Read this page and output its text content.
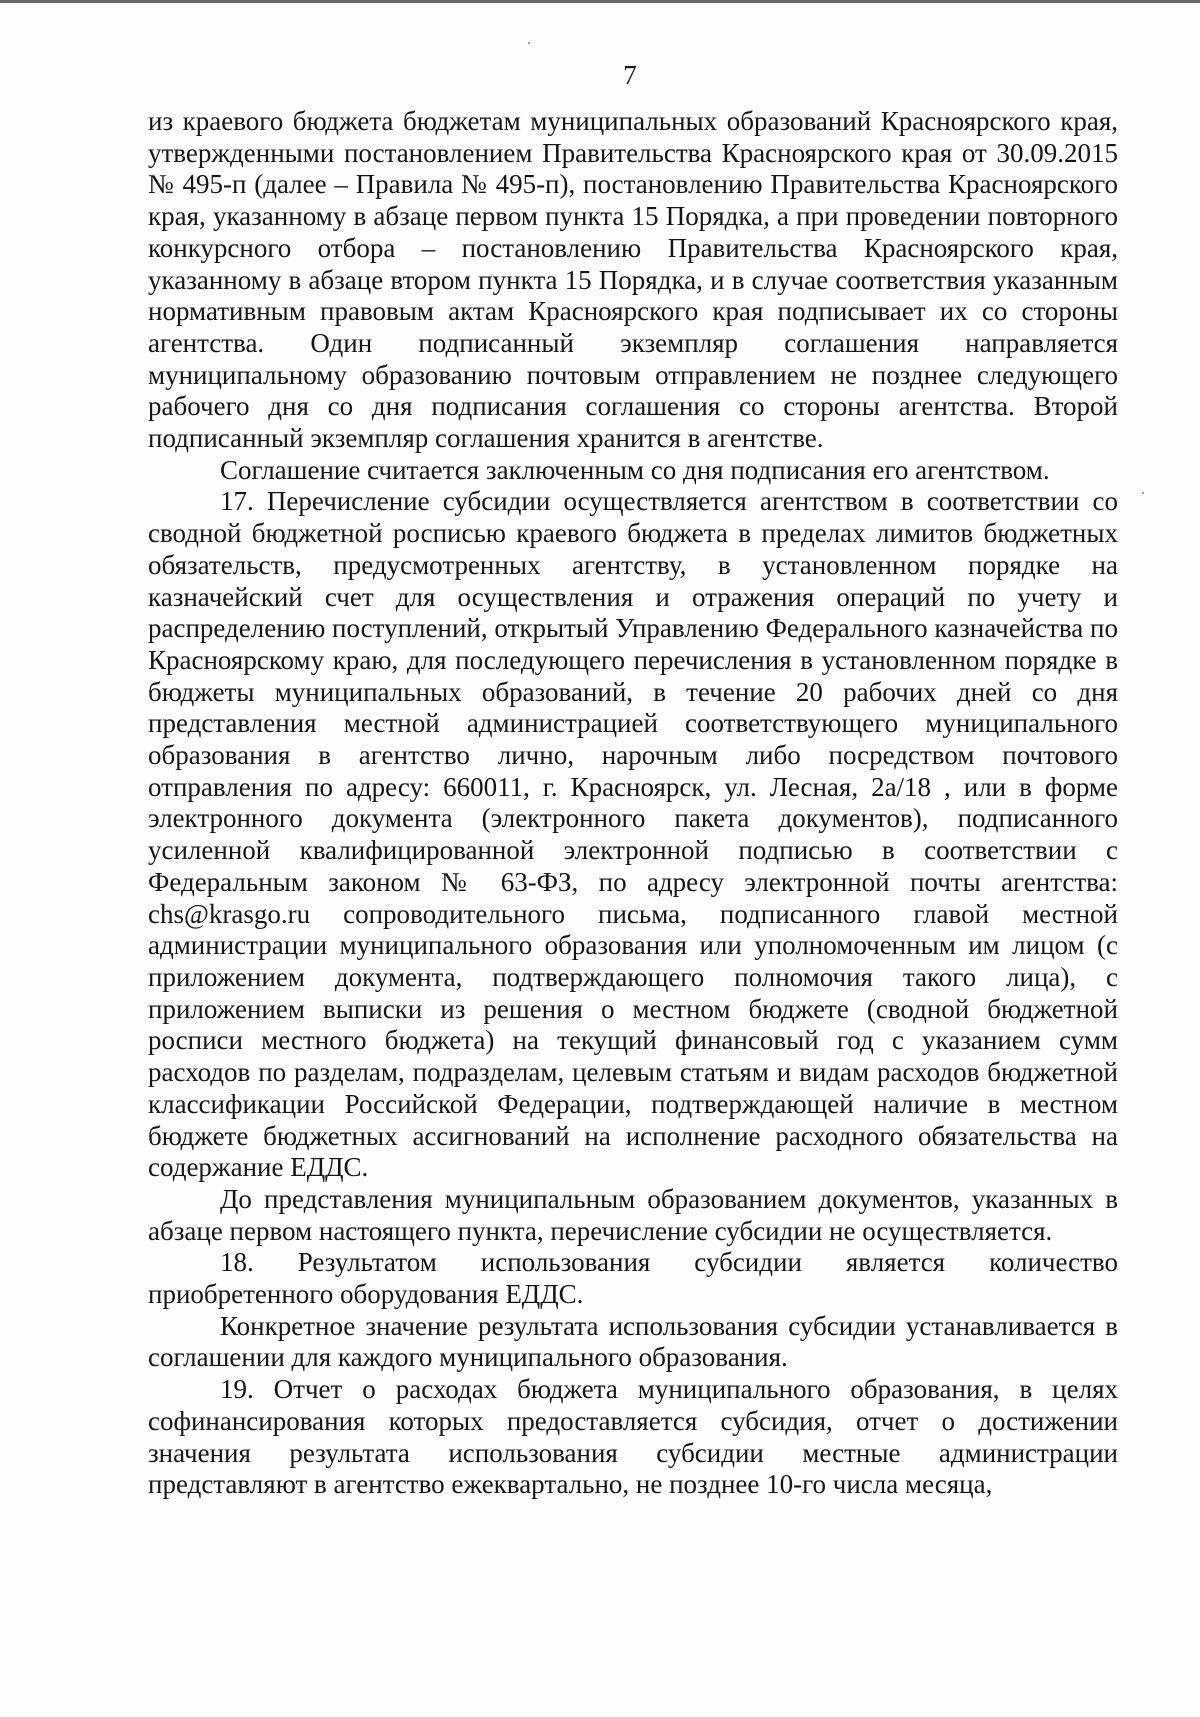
7

из краевого бюджета бюджетам муниципальных образований Красноярского края, утвержденными постановлением Правительства Красноярского края от 30.09.2015 № 495-п (далее – Правила № 495-п), постановлению Правительства Красноярского края, указанному в абзаце первом пункта 15 Порядка, а при проведении повторного конкурсного отбора – постановлению Правительства Красноярского края, указанному в абзаце втором пункта 15 Порядка, и в случае соответствия указанным нормативным правовым актам Красноярского края подписывает их со стороны агентства. Один подписанный экземпляр соглашения направляется муниципальному образованию почтовым отправлением не позднее следующего рабочего дня со дня подписания соглашения со стороны агентства. Второй подписанный экземпляр соглашения хранится в агентстве.

Соглашение считается заключенным со дня подписания его агентством.

17. Перечисление субсидии осуществляется агентством в соответствии со сводной бюджетной росписью краевого бюджета в пределах лимитов бюджетных обязательств, предусмотренных агентству, в установленном порядке на казначейский счет для осуществления и отражения операций по учету и распределению поступлений, открытый Управлению Федерального казначейства по Красноярскому краю, для последующего перечисления в установленном порядке в бюджеты муниципальных образований, в течение 20 рабочих дней со дня представления местной администрацией соответствующего муниципального образования в агентство лично, нарочным либо посредством почтового отправления по адресу: 660011, г. Красноярск, ул. Лесная, 2а/18 , или в форме электронного документа (электронного пакета документов), подписанного усиленной квалифицированной электронной подписью в соответствии с Федеральным законом № 63-ФЗ, по адресу электронной почты агентства: chs@krasgo.ru сопроводительного письма, подписанного главой местной администрации муниципального образования или уполномоченным им лицом (с приложением документа, подтверждающего полномочия такого лица), с приложением выписки из решения о местном бюджете (сводной бюджетной росписи местного бюджета) на текущий финансовый год с указанием сумм расходов по разделам, подразделам, целевым статьям и видам расходов бюджетной классификации Российской Федерации, подтверждающей наличие в местном бюджете бюджетных ассигнований на исполнение расходного обязательства на содержание ЕДДС.

До представления муниципальным образованием документов, указанных в абзаце первом настоящего пункта, перечисление субсидии не осуществляется.

18. Результатом использования субсидии является количество приобретенного оборудования ЕДДС.

Конкретное значение результата использования субсидии устанавливается в соглашении для каждого муниципального образования.

19. Отчет о расходах бюджета муниципального образования, в целях софинансирования которых предоставляется субсидия, отчет о достижении значения результата использования субсидии местные администрации представляют в агентство ежеквартально, не позднее 10-го числа месяца,
